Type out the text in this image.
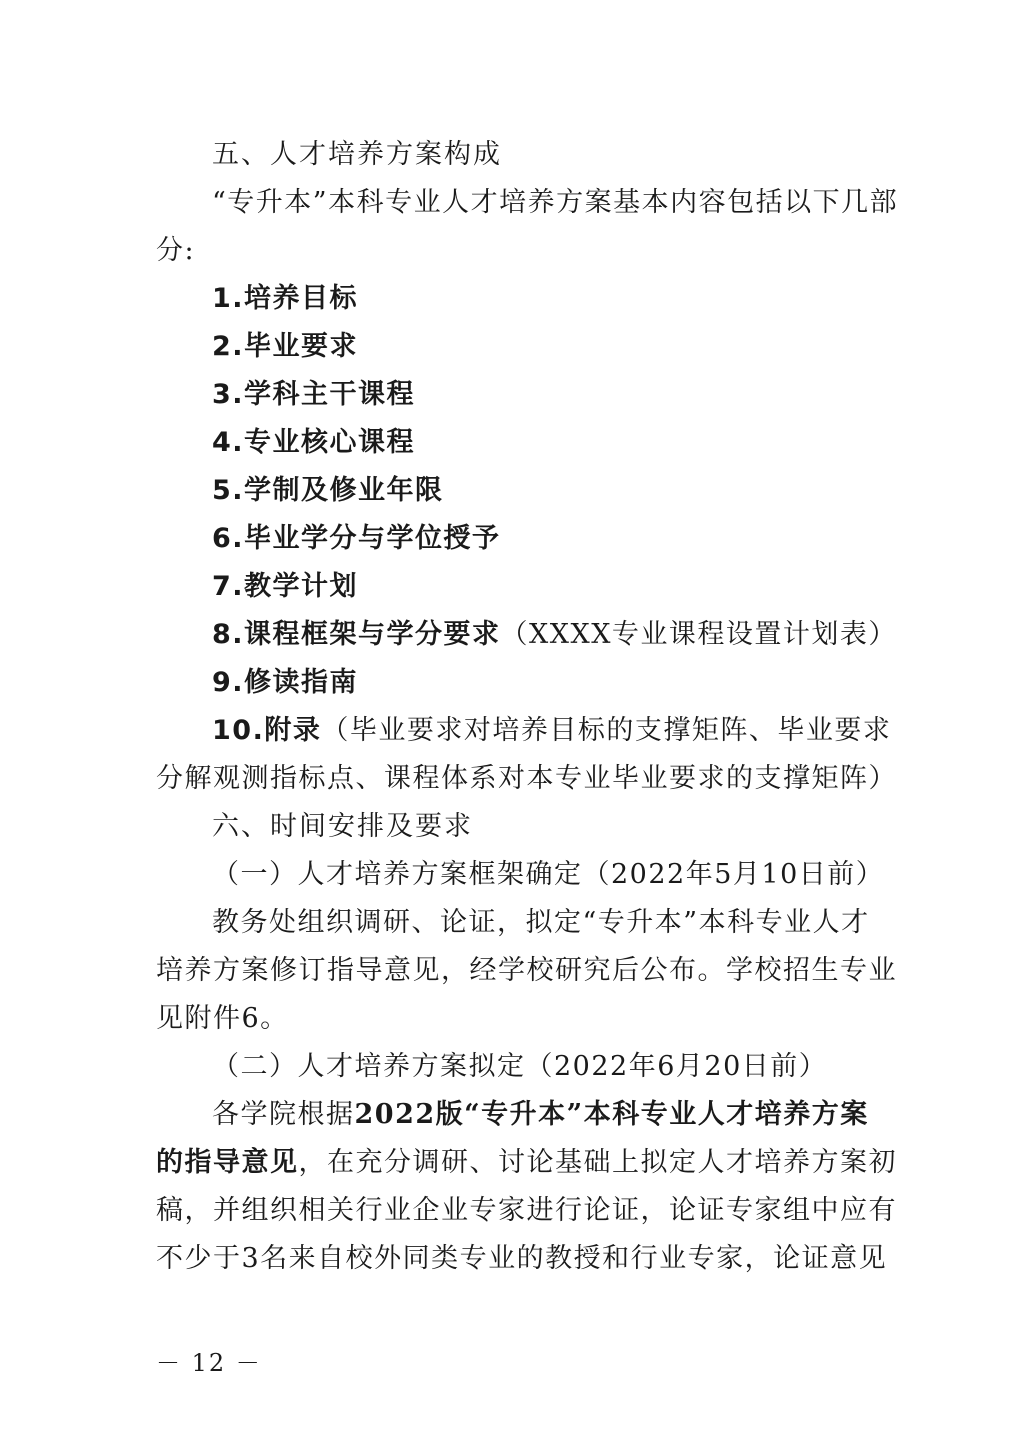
五、人才培养方案构成
“专升本”本科专业人才培养方案基本内容包括以下几部
分:
1.培养目标
2.毕业要求
3.学科主干课程
4.专业核心课程
5.学制及修业年限
6.毕业学分与学位授予
7.教学计划
8.课程框架与学分要求（XXXX专业课程设置计划表）
9.修读指南
10.附录（毕业要求对培养目标的支撑矩阵、毕业要求
分解观测指标点、课程体系对本专业毕业要求的支撑矩阵）
六、时间安排及要求
（一）人才培养方案框架确定（2022年5月10日前）
教务处组织调研、论证，拟定“专升本”本科专业人才
培养方案修订指导意见，经学校研究后公布。学校招生专业
见附件6。
（二）人才培养方案拟定（2022年6月20日前）
各学院根据2022版“专升本”本科专业人才培养方案
的指导意见，在充分调研、讨论基础上拟定人才培养方案初
稿，并组织相关行业企业专家进行论证，论证专家组中应有
不少于3名来自校外同类专业的教授和行业专家，论证意见
－ 12 －
